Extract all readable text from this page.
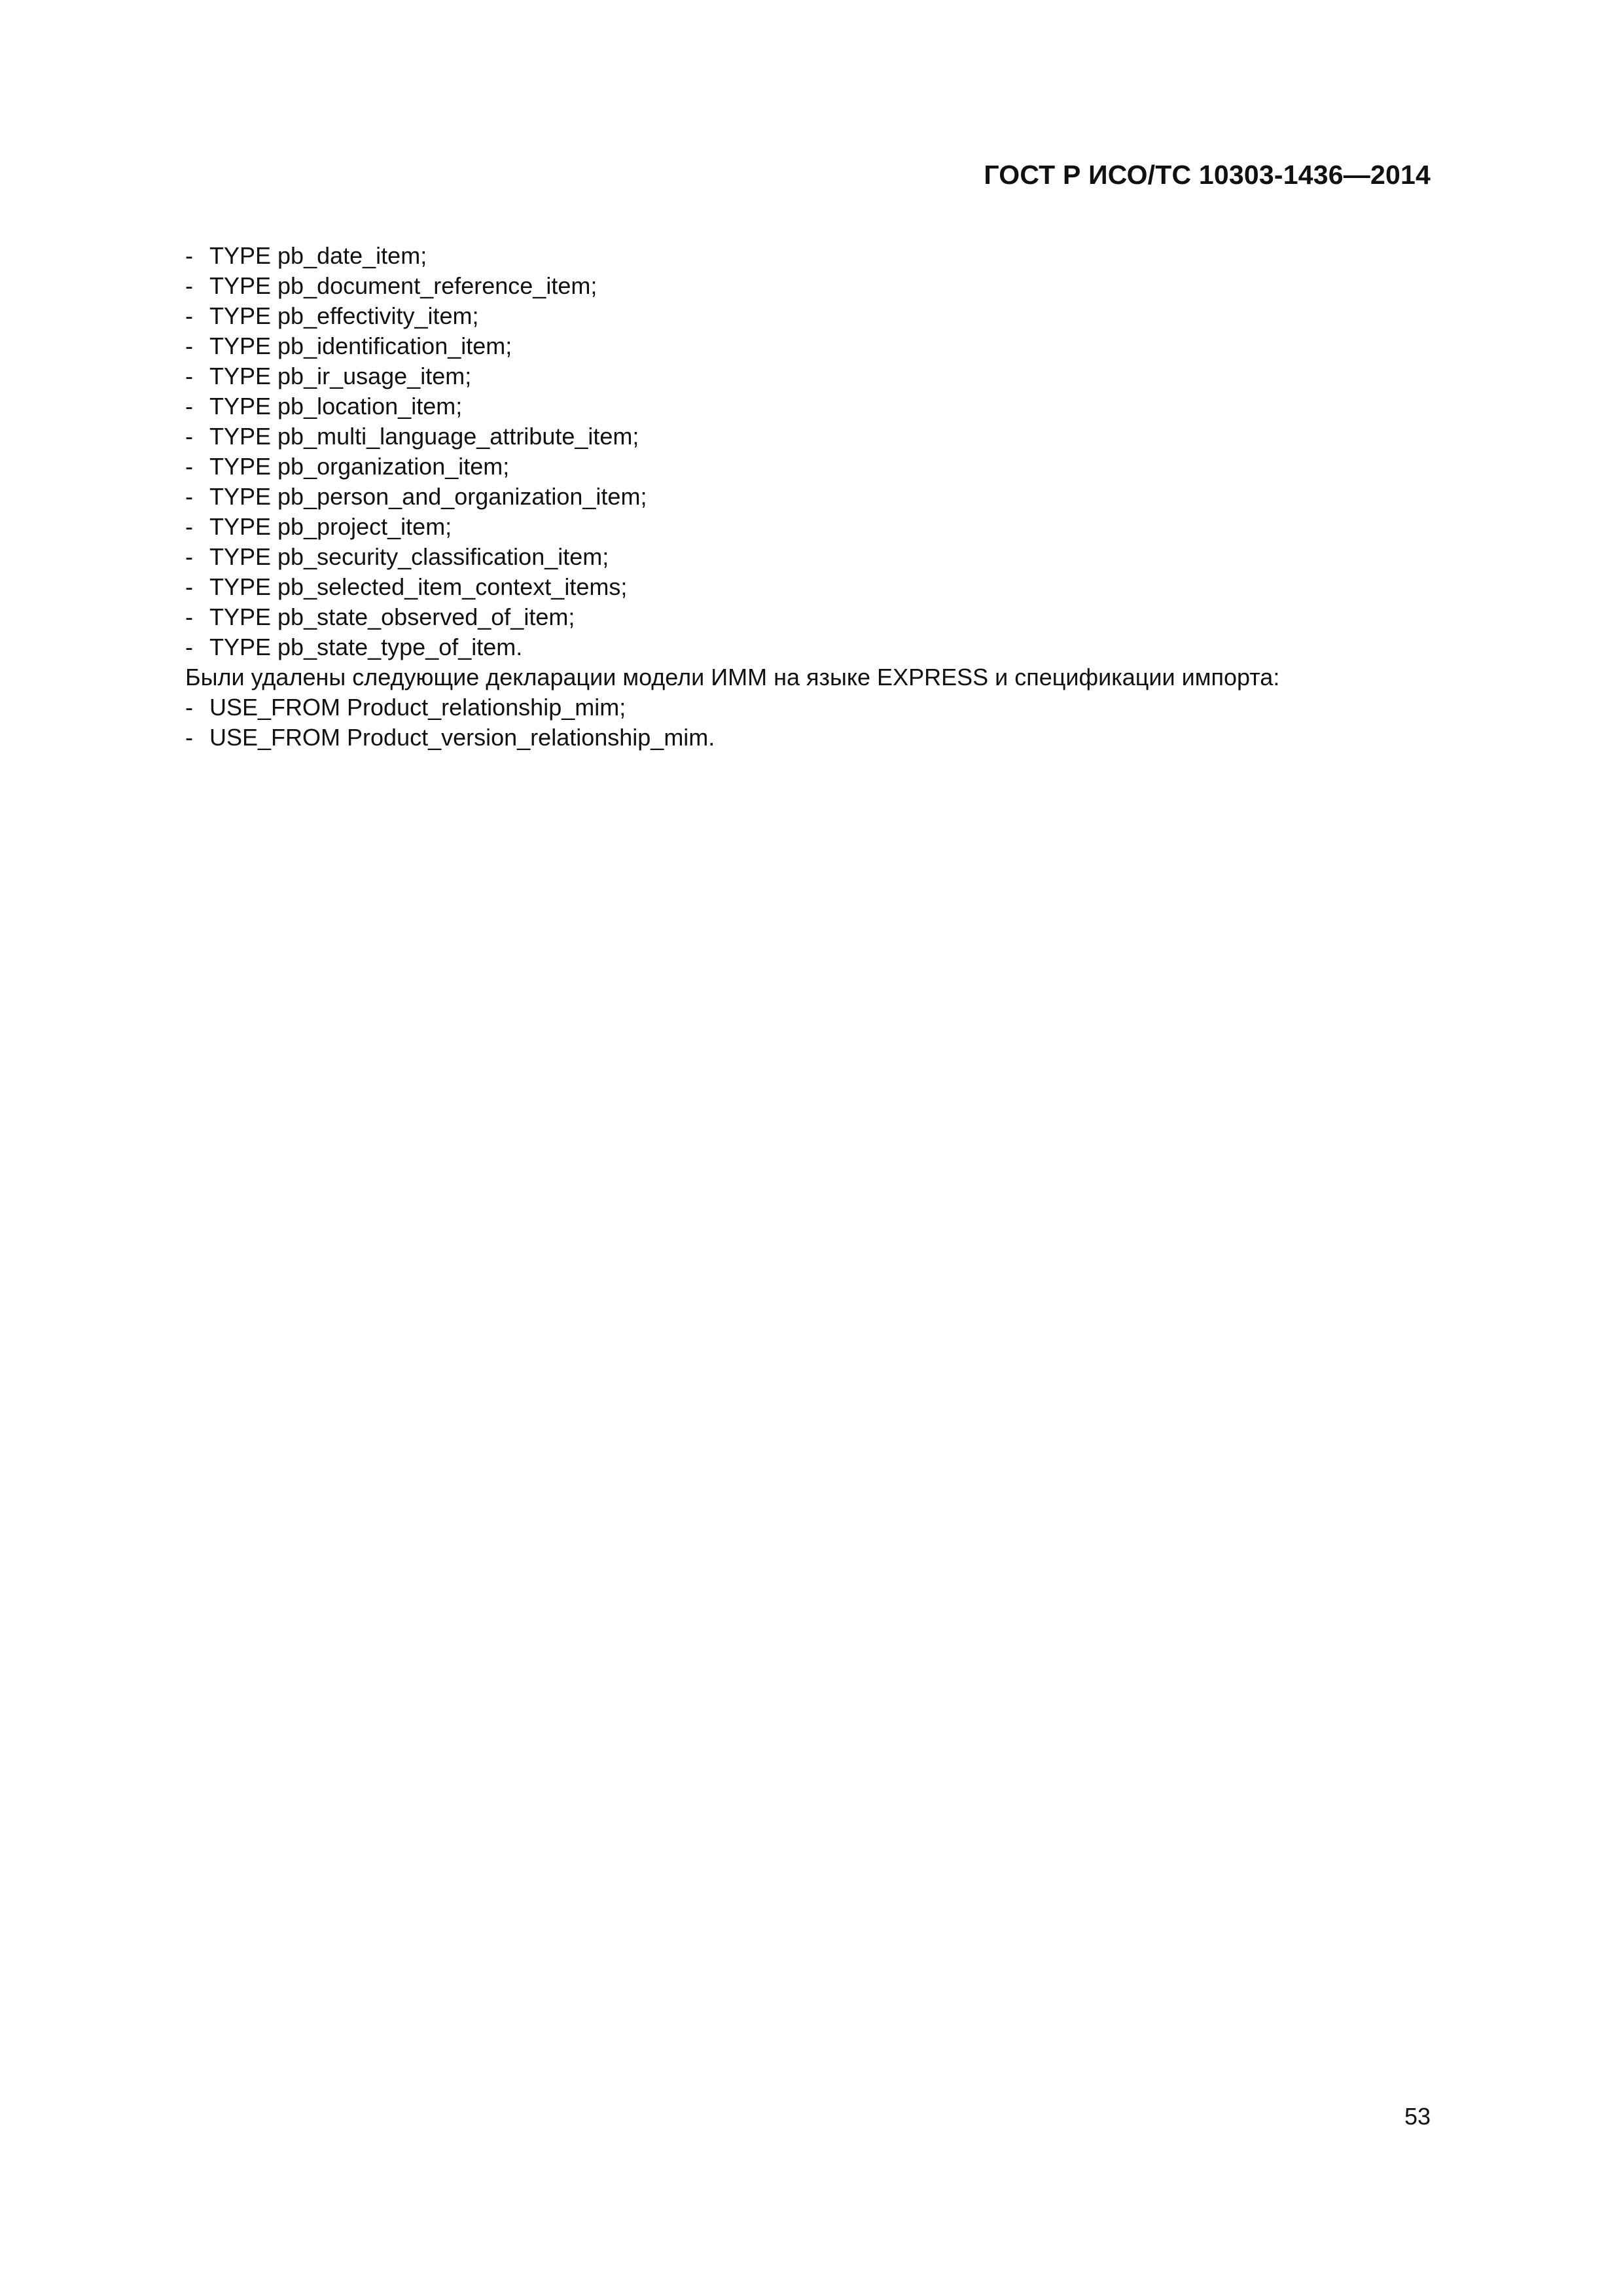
ГОСТ Р ИСО/ТС 10303-1436—2014
- TYPE pb_date_item;
- TYPE pb_document_reference_item;
- TYPE pb_effectivity_item;
- TYPE pb_identification_item;
- TYPE pb_ir_usage_item;
- TYPE pb_location_item;
- TYPE pb_multi_language_attribute_item;
- TYPE pb_organization_item;
- TYPE pb_person_and_organization_item;
- TYPE pb_project_item;
- TYPE pb_security_classification_item;
- TYPE pb_selected_item_context_items;
- TYPE pb_state_observed_of_item;
- TYPE pb_state_type_of_item.
Были удалены следующие декларации модели ИММ на языке EXPRESS и спецификации импорта:
- USE_FROM Product_relationship_mim;
- USE_FROM Product_version_relationship_mim.
53
